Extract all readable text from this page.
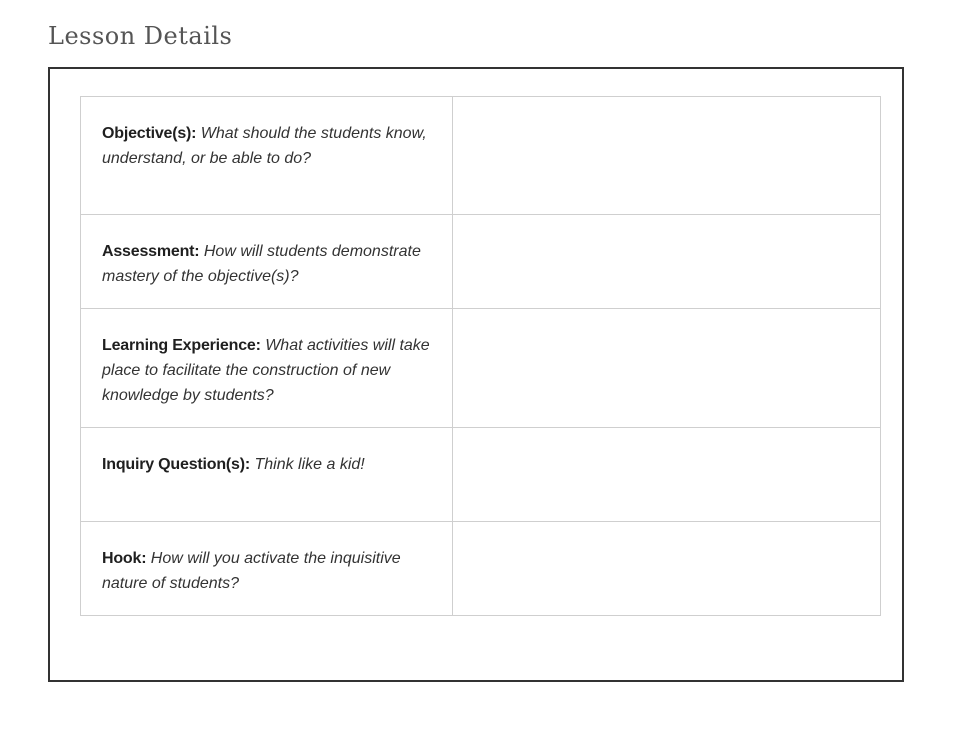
Lesson Details
Objective(s): What should the students know, understand, or be able to do?	
Assessment: How will students demonstrate mastery of the objective(s)?	
Learning Experience: What activities will take place to facilitate the construction of new knowledge by students?	
Inquiry Question(s): Think like a kid!	
Hook: How will you activate the inquisitive nature of students?	
